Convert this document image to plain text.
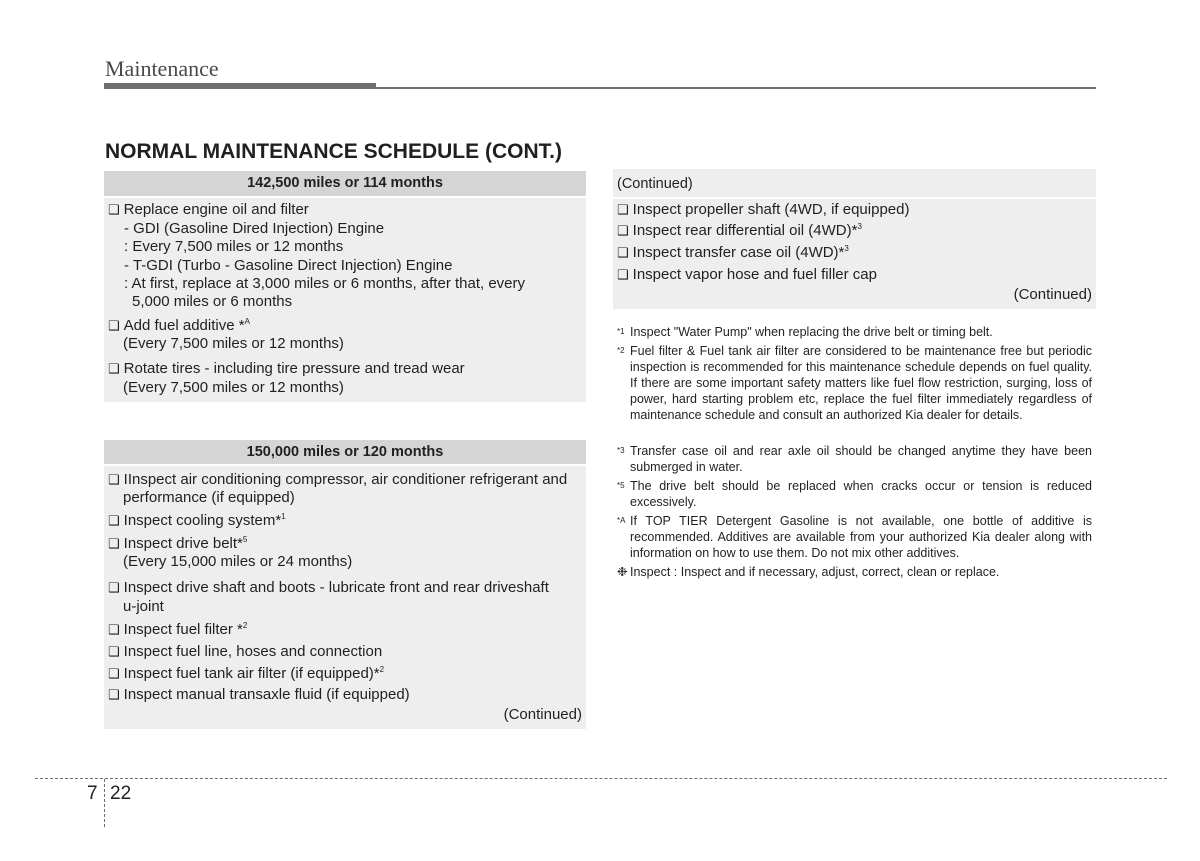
Maintenance
NORMAL MAINTENANCE SCHEDULE (CONT.)
142,500 miles or 114 months
❑ Replace engine oil and filter
- GDI (Gasoline Dired Injection) Engine
: Every 7,500 miles or 12 months
- T-GDI (Turbo - Gasoline Direct Injection) Engine
: At first, replace at 3,000 miles or 6 months, after that, every
5,000 miles or 6 months
❑ Add fuel additive *$^A$
(Every 7,500 miles or 12 months)
❑ Rotate tires - including tire pressure and tread wear
(Every 7,500 miles or 12 months)
150,000 miles or 120 months
❑ IInspect air conditioning compressor, air conditioner refrigerant and
performance (if equipped)
❑ Inspect cooling system*$^1$
❑ Inspect drive belt*$^5$
(Every 15,000 miles or 24 months)
❑ Inspect drive shaft and boots - lubricate front and rear driveshaft
u-joint
❑ Inspect fuel filter *$^2$
❑ Inspect fuel line, hoses and connection
❑ Inspect fuel tank air filter (if equipped)*$^2$
❑ Inspect manual transaxle fluid (if equipped)
(Continued)
(Continued)
❑ Inspect propeller shaft (4WD, if equipped)
❑ Inspect rear differential oil (4WD)*$^3$
❑ Inspect transfer case oil (4WD)*$^3$
❑ Inspect vapor hose and fuel filler cap
(Continued)
*1 Inspect "Water Pump" when replacing the drive belt or timing belt.
*2 Fuel filter & Fuel tank air filter are considered to be maintenance free but periodic inspection is recommended for this maintenance schedule depends on fuel quality. If there are some important safety matters like fuel flow restriction, surging, loss of power, hard starting problem etc, replace the fuel filter immediately regardless of maintenance schedule and consult an authorized Kia dealer for details.
*3 Transfer case oil and rear axle oil should be changed anytime they have been submerged in water.
*5 The drive belt should be replaced when cracks occur or tension is reduced excessively.
*A If TOP TIER Detergent Gasoline is not available, one bottle of additive is recommended. Additives are available from your authorized Kia dealer along with information on how to use them. Do not mix other additives.
❉ Inspect : Inspect and if necessary, adjust, correct, clean or replace.
7 22
